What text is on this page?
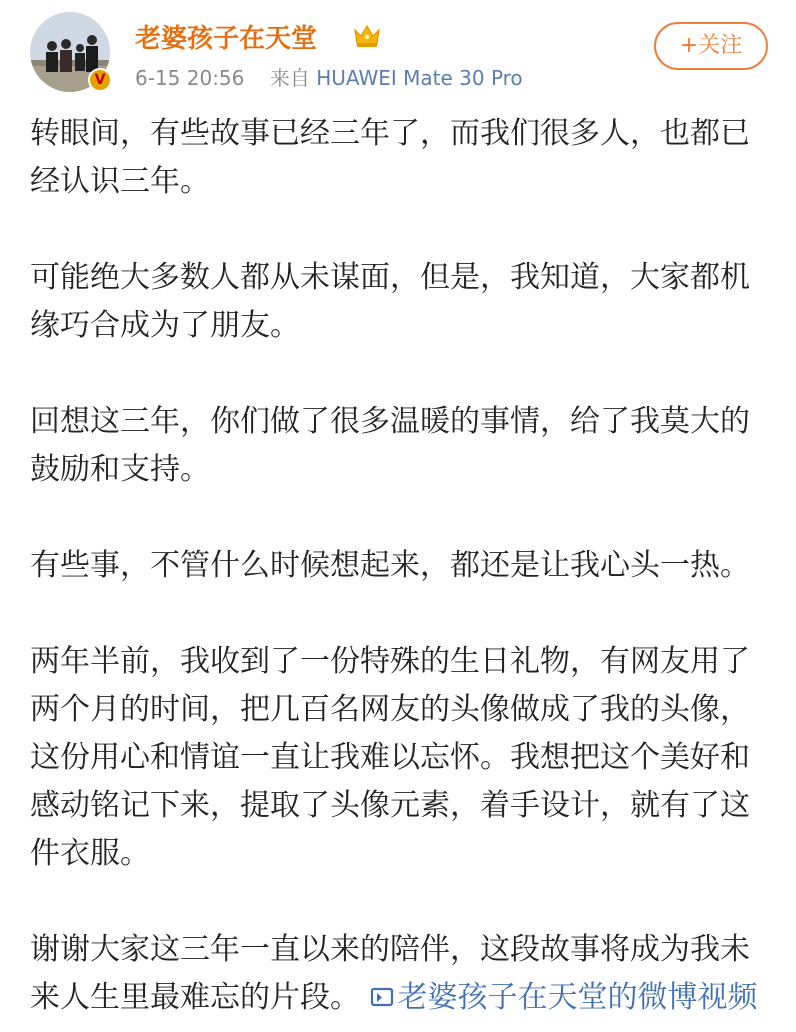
V
老婆孩子在天堂
6-15 20:56 来自 HUAWEI Mate 30 Pro
+关注

转眼间，有些故事已经三年了，而我们很多人，也都已经认识三年。

可能绝大多数人都从未谋面，但是，我知道，大家都机缘巧合成为了朋友。

回想这三年，你们做了很多温暖的事情，给了我莫大的鼓励和支持。

有些事，不管什么时候想起来，都还是让我心头一热。

两年半前，我收到了一份特殊的生日礼物，有网友用了两个月的时间，把几百名网友的头像做成了我的头像，这份用心和情谊一直让我难以忘怀。我想把这个美好和感动铭记下来，提取了头像元素，着手设计，就有了这件衣服。

谢谢大家这三年一直以来的陪伴，这段故事将成为我未来人生里最难忘的片段。 老婆孩子在天堂的微博视频
